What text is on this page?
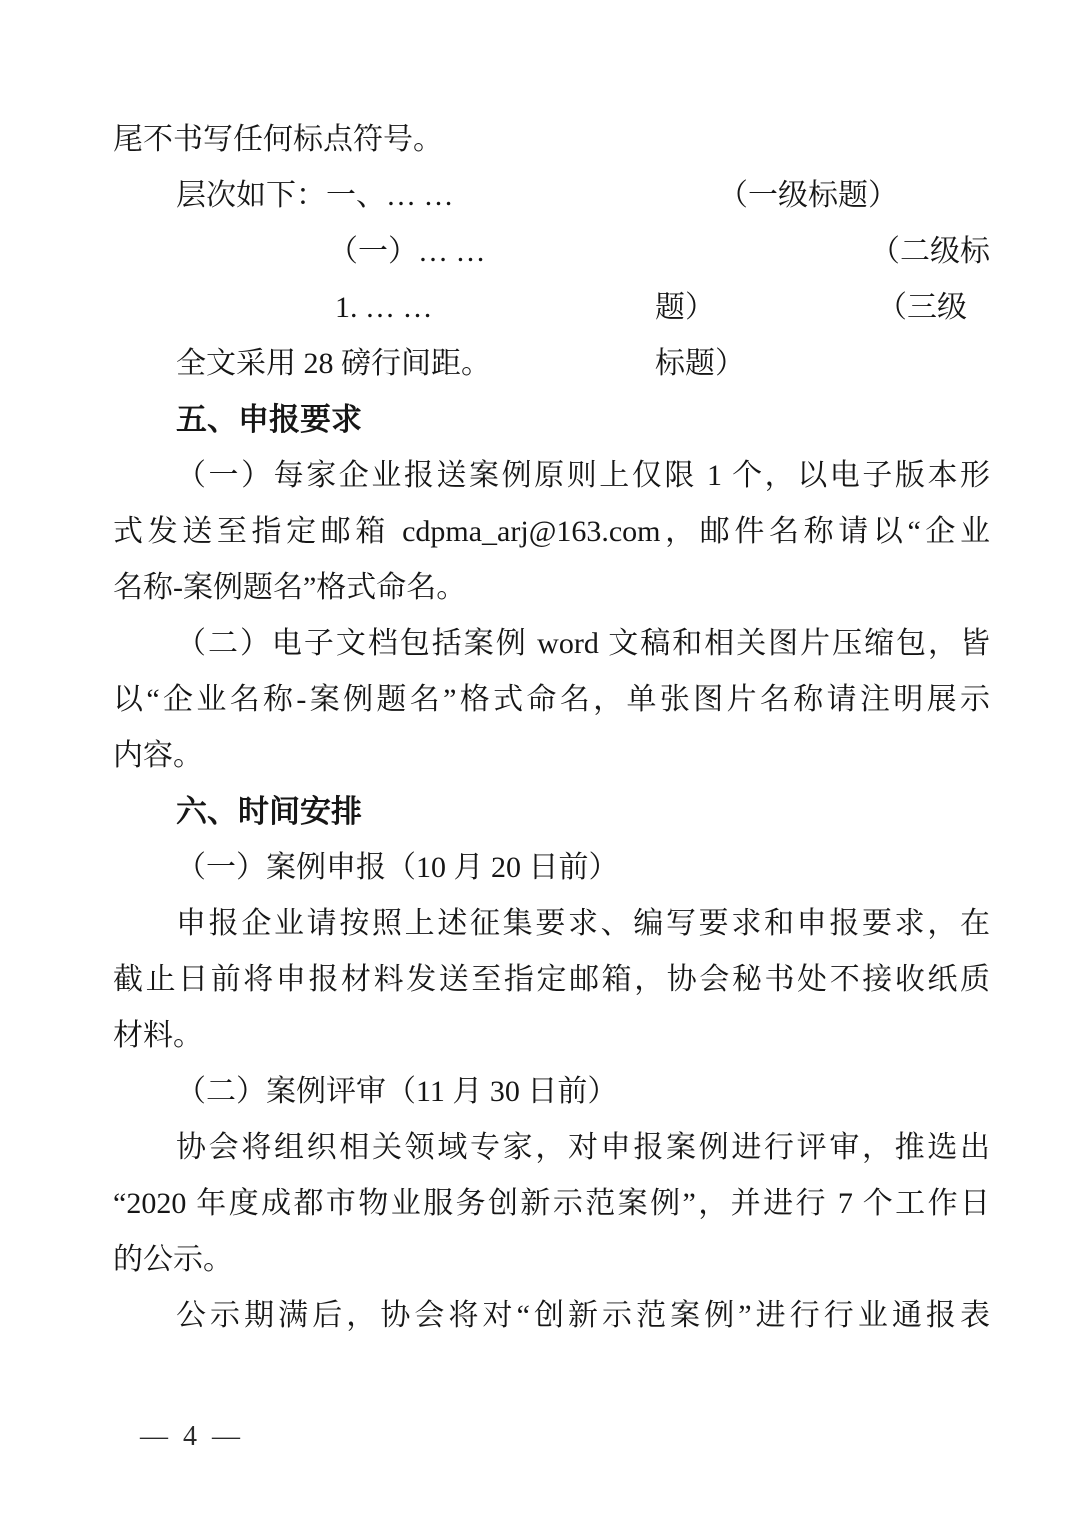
尾不书写任何标点符号。
层次如下：一、… …	（一级标题）
（一）… …	（二级标题）
1. … …	（三级标题）
全文采用 28 磅行间距。
五、申报要求
（一）每家企业报送案例原则上仅限 1 个，以电子版本形
式发送至指定邮箱 cdpma_arj@163.com，邮件名称请以“企业
名称-案例题名”格式命名。
（二）电子文档包括案例 word 文稿和相关图片压缩包，皆
以“企业名称-案例题名”格式命名，单张图片名称请注明展示
内容。
六、时间安排
（一）案例申报（10 月 20 日前）
申报企业请按照上述征集要求、编写要求和申报要求，在
截止日前将申报材料发送至指定邮箱，协会秘书处不接收纸质
材料。
（二）案例评审（11 月 30 日前）
协会将组织相关领域专家，对申报案例进行评审，推选出
“2020 年度成都市物业服务创新示范案例”，并进行 7 个工作日
的公示。
公示期满后，协会将对“创新示范案例”进行行业通报表
— 4 —
